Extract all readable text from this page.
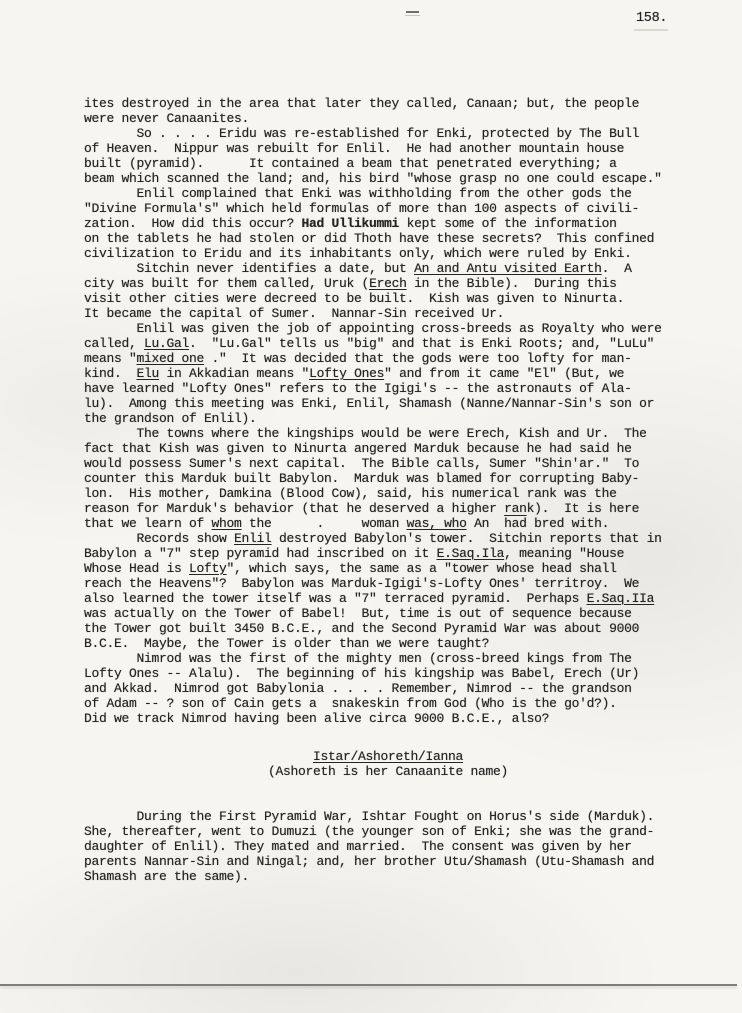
158.
ites destroyed in the area that later they called, Canaan; but, the people
were never Canaanites.
So . . . . Eridu was re-established for Enki, protected by The Bull
of Heaven.  Nippur was rebuilt for Enlil.  He had another mountain house
built (pyramid).      It contained a beam that penetrated everything; a
beam which scanned the land; and, his bird "whose grasp no one could escape."
Enlil complained that Enki was withholding from the other gods the
"Divine Formula's" which held formulas of more than 100 aspects of civili-
zation.  How did this occur? Had Ullikummi kept some of the information
on the tablets he had stolen or did Thoth have these secrets?  This confined
civilization to Eridu and its inhabitants only, which were ruled by Enki.
Sitchin never identifies a date, but An and Antu visited Earth.  A
city was built for them called, Uruk (Erech in the Bible).  During this
visit other cities were decreed to be built.  Kish was given to Ninurta.
It became the capital of Sumer.  Nannar-Sin received Ur.
Enlil was given the job of appointing cross-breeds as Royalty who were
called, Lu.Gal.  "Lu.Gal" tells us "big" and that is Enki Roots; and, "LuLu"
means "mixed one ."  It was decided that the gods were too lofty for man-
kind.  Elu in Akkadian means "Lofty Ones" and from it came "El" (But, we
have learned "Lofty Ones" refers to the Igigi's -- the astronauts of Ala-
lu).  Among this meeting was Enki, Enlil, Shamash (Nanne/Nannar-Sin's son or
the grandson of Enlil).
The towns where the kingships would be were Erech, Kish and Ur.  The
fact that Kish was given to Ninurta angered Marduk because he had said he
would possess Sumer's next capital.  The Bible calls, Sumer "Shin'ar."  To
counter this Marduk built Babylon.  Marduk was blamed for corrupting Baby-
lon.  His mother, Damkina (Blood Cow), said, his numerical rank was the
reason for Marduk's behavior (that he deserved a higher rank).  It is here
that we learn of whom the      .     woman was, who An  $\overline{had}$ bred with.
Records show Enlil destroyed Babylon's tower.  Sitchin reports that in
Babylon a "7" step pyramid had inscribed on it E.Saq.Ila, meaning "House
Whose Head is Lofty", which says, the same as a "tower whose head shall
reach the Heavens"?  Babylon was Marduk-Igigi's-Lofty Ones' territroy.  We
also learned the tower itself was a "7" terraced pyramid.  Perhaps E.Saq.IIa
was actually on the Tower of Babel!  But, time is out of sequence because
the Tower got built 3450 B.C.E., and the Second Pyramid War was about 9000
B.C.E.  Maybe, the Tower is older than we were taught?
Nimrod was the first of the mighty men (cross-breed kings from The
Lofty Ones -- Alalu).  The beginning of his kingship was Babel, Erech (Ur)
and Akkad.  Nimrod got Babylonia . . . . Remember, Nimrod -- the grandson
of Adam -- ? son of Cain gets a  snakeskin from God (Who is the go'd?).
Did we track Nimrod having been alive circa 9000 B.C.E., also?
Istar/Ashoreth/Ianna
(Ashoreth is her Canaanite name)
During the First Pyramid War, Ishtar Fought on Horus's side (Marduk).
She, thereafter, went to Dumuzi (the younger son of Enki; she was the grand-
daughter of Enlil). They mated and married.  The consent was given by her
parents Nannar-Sin and Ningal; and, her brother Utu/Shamash (Utu-Shamash and
Shamash are the same).
